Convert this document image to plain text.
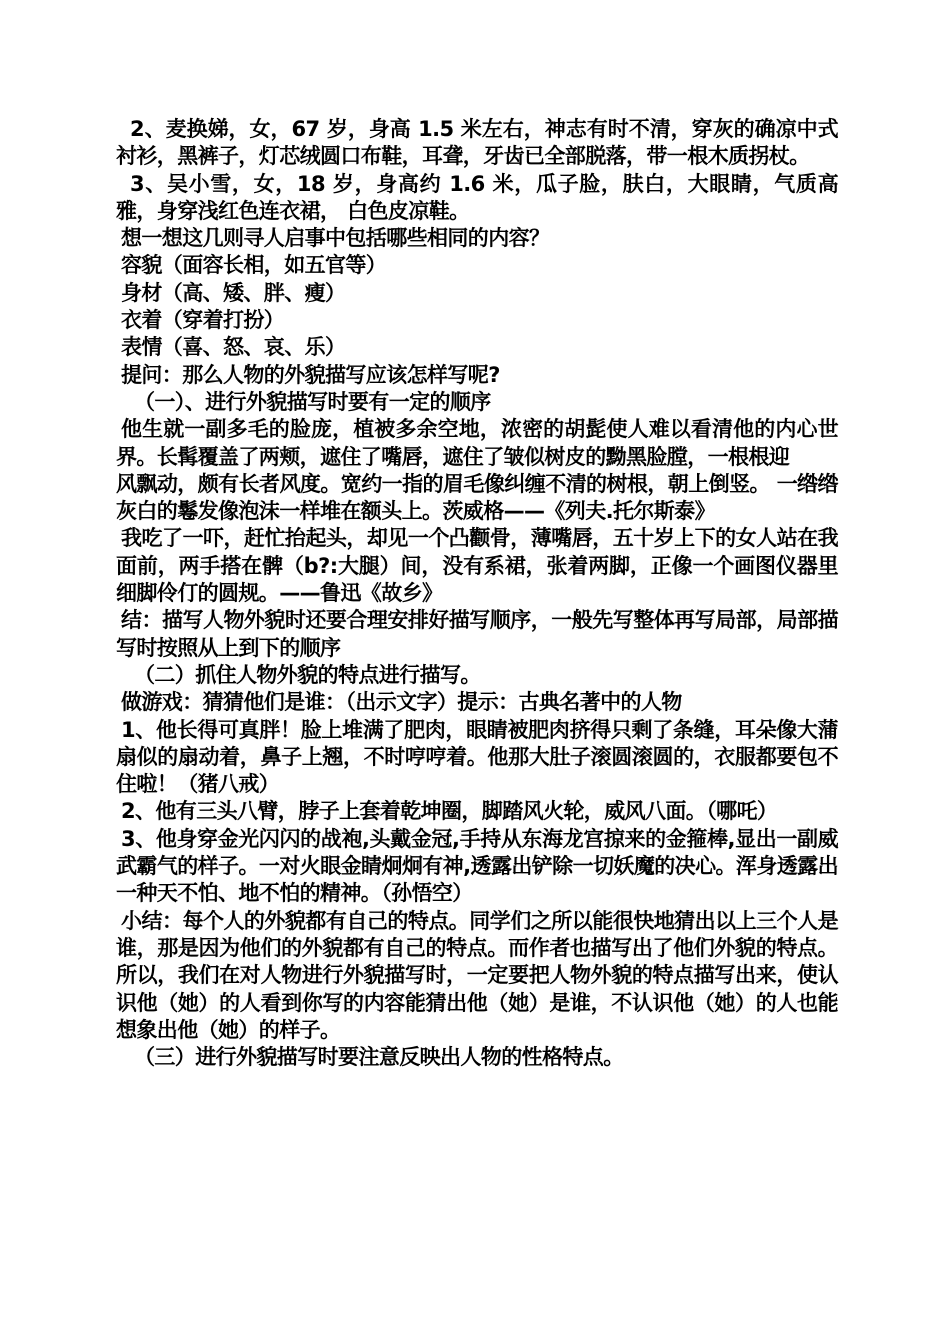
2、麦换娣，女，67 岁，身高 1.5 米左右，神志有时不清，穿灰的确凉中式衬衫，黑裤子，灯芯绒圆口布鞋，耳聋，牙齿已全部脱落，带一根木质拐杖。

3、吴小雪，女，18 岁，身高约 1.6 米，瓜子脸，肤白，大眼睛，气质高雅，身穿浅红色连衣裙， 白色皮凉鞋。

想一想这几则寻人启事中包括哪些相同的内容？

容貌（面容长相，如五官等）

身材（高、矮、胖、瘦）

衣着（穿着打扮）

表情（喜、怒、哀、乐）

提问：那么人物的外貌描写应该怎样写呢?

（一）、进行外貌描写时要有一定的顺序

他生就一副多毛的脸庞，植被多余空地，浓密的胡髭使人难以看清他的内心世界。长髯覆盖了两颊，遮住了嘴唇，遮住了皱似树皮的黝黑脸膛，一根根迎

风飘动，颇有长者风度。宽约一指的眉毛像纠缠不清的树根，朝上倒竖。 一绺绺灰白的鬈发像泡沫一样堆在额头上。茨威格——《列夫.托尔斯泰》

我吃了一吓，赶忙抬起头，却见一个凸颧骨，薄嘴唇，五十岁上下的女人站在我面前，两手搭在髀（b?:大腿）间，没有系裙，张着两脚，正像一个画图仪器里细脚伶仃的圆规。——鲁迅《故乡》

结：描写人物外貌时还要合理安排好描写顺序，一般先写整体再写局部，局部描写时按照从上到下的顺序

（二）抓住人物外貌的特点进行描写。

做游戏：猜猜他们是谁：（出示文字）提示：古典名著中的人物

1、他长得可真胖！脸上堆满了肥肉，眼睛被肥肉挤得只剩了条缝，耳朵像大蒲扇似的扇动着，鼻子上翘，不时哼哼着。他那大肚子滚圆滚圆的，衣服都要包不住啦！（猪八戒）

2、他有三头八臂，脖子上套着乾坤圈，脚踏风火轮，威风八面。（哪吒）

3、他身穿金光闪闪的战袍,头戴金冠,手持从东海龙宫掠来的金箍棒,显出一副威武霸气的样子。一对火眼金睛炯炯有神,透露出铲除一切妖魔的决心。浑身透露出一种天不怕、地不怕的精神。（孙悟空）

小结：每个人的外貌都有自己的特点。同学们之所以能很快地猜出以上三个人是谁，那是因为他们的外貌都有自己的特点。而作者也描写出了他们外貌的特点。所以，我们在对人物进行外貌描写时，一定要把人物外貌的特点描写出来，使认识他（她）的人看到你写的内容能猜出他（她）是谁，不认识他（她）的人也能想象出他（她）的样子。

（三）进行外貌描写时要注意反映出人物的性格特点。
